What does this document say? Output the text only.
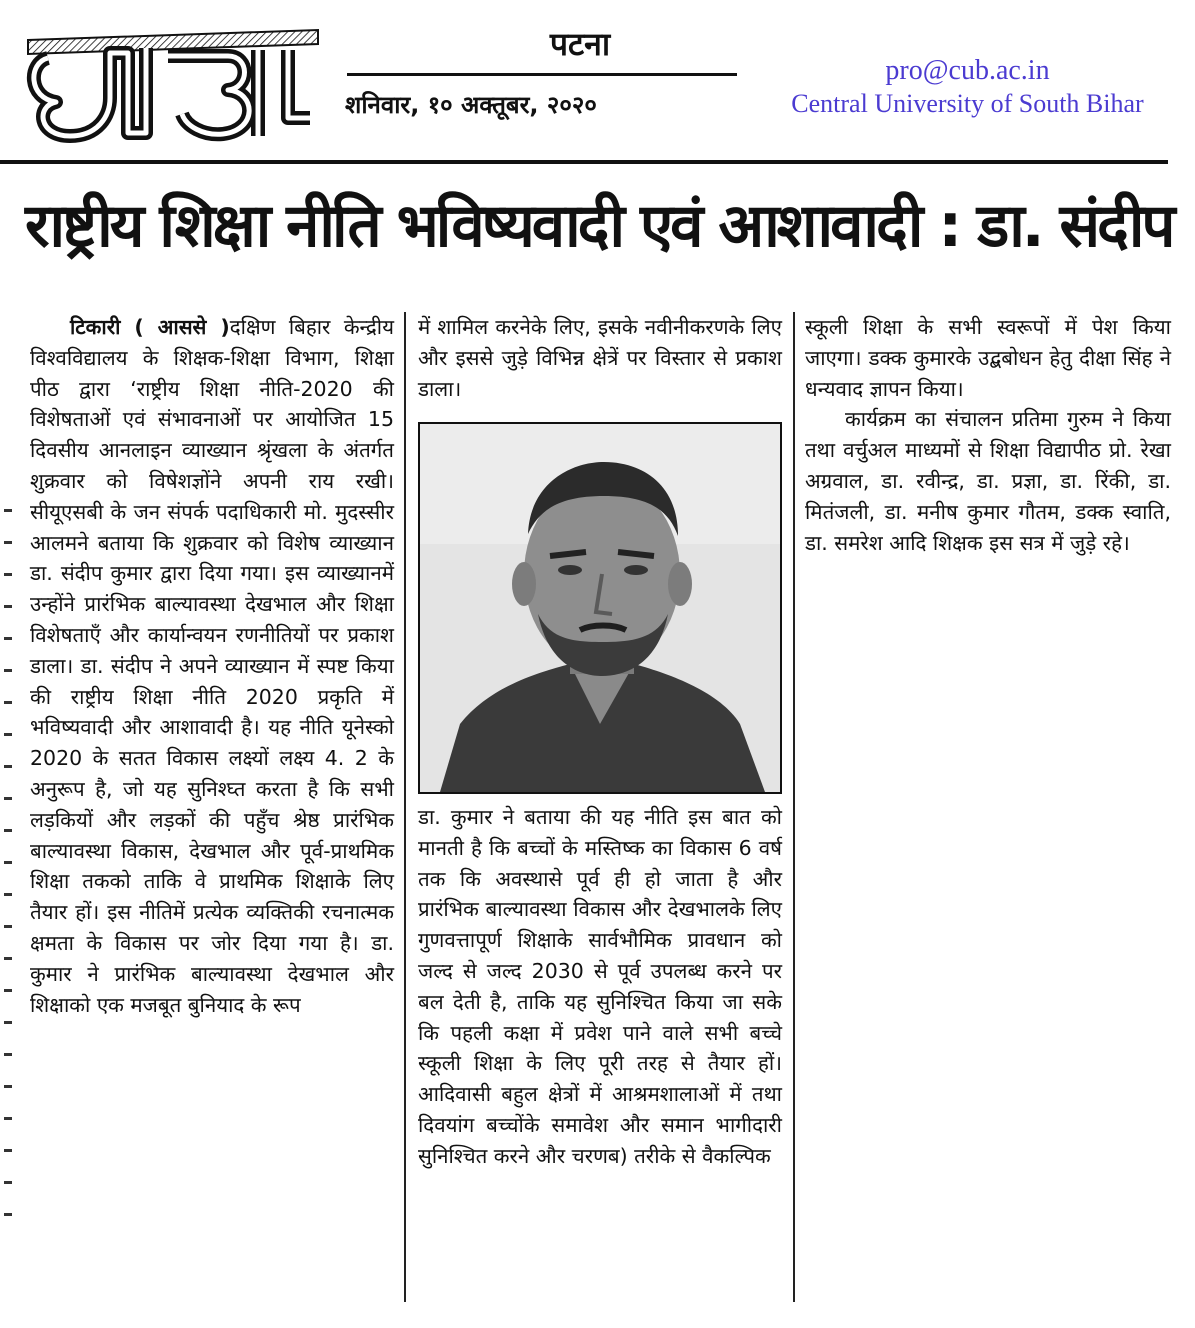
पटना
शनिवार, १० अक्तूबर, २०२०
pro@cub.ac.in
Central University of South Bihar
राष्ट्रीय शिक्षा नीति भविष्यवादी एवं आशावादी : डा. संदीप

टिकारी ( आससे )दक्षिण बिहार केन्द्रीय विश्वविद्यालय के शिक्षक-शिक्षा विभाग, शिक्षा पीठ द्वारा ‘राष्ट्रीय शिक्षा नीति-2020 की विशेषताओं एवं संभावनाओं पर आयोजित 15 दिवसीय आनलाइन व्याख्यान श्रृंखला के अंतर्गत शुक्रवार को विषेशज्ञोंने अपनी राय रखी। सीयूएसबी के जन संपर्क पदाधिकारी मो. मुदस्सीर आलमने बताया कि शुक्रवार को विशेष व्याख्यान डा. संदीप कुमार द्वारा दिया गया। इस व्याख्यानमें उन्होंने प्रारंभिक बाल्यावस्था देखभाल और शिक्षा विशेषताएँ और कार्यान्वयन रणनीतियों पर प्रकाश डाला। डा. संदीप ने अपने व्याख्यान में स्पष्ट किया की राष्ट्रीय शिक्षा नीति 2020 प्रकृति में भविष्यवादी और आशावादी है। यह नीति यूनेस्को 2020 के सतत विकास लक्ष्यों लक्ष्य 4. 2 के अनुरूप है, जो यह सुनिश्घ्त करता है कि सभी लड़कियों और लड़कों की पहुँच श्रेष्ठ प्रारंभिक बाल्यावस्था विकास, देखभाल और पूर्व-प्राथमिक शिक्षा तकको ताकि वे प्राथमिक शिक्षाके लिए तैयार हों। इस नीतिमें प्रत्येक व्यक्तिकी रचनात्मक क्षमता के विकास पर जोर दिया गया है। डा. कुमार ने प्रारंभिक बाल्यावस्था देखभाल और शिक्षाको एक मजबूत बुनियाद के रूप

में शामिल करनेके लिए, इसके नवीनीकरणके लिए और इससे जुड़े विभिन्न क्षेत्रें पर विस्तार से प्रकाश डाला।

डा. कुमार ने बताया की यह नीति इस बात को मानती है कि बच्चों के मस्तिष्क का विकास 6 वर्ष तक कि अवस्थासे पूर्व ही हो जाता है और प्रारंभिक बाल्यावस्था विकास और देखभालके लिए गुणवत्तापूर्ण शिक्षाके सार्वभौमिक प्रावधान को जल्द से जल्द 2030 से पूर्व उपलब्ध करने पर बल देती है, ताकि यह सुनिश्चित किया जा सके कि पहली कक्षा में प्रवेश पाने वाले सभी बच्चे स्कूली शिक्षा के लिए पूरी तरह से तैयार हों। आदिवासी बहुल क्षेत्रों में आश्रमशालाओं में तथा दिवयांग बच्चोंके समावेश और समान भागीदारी सुनिश्चित करने और चरणब) तरीके से वैकल्पिक

स्कूली शिक्षा के सभी स्वरूपों में पेश किया जाएगा। डक्क कुमारके उद्बबोधन हेतु दीक्षा सिंह ने धन्यवाद ज्ञापन किया।

कार्यक्रम का संचालन प्रतिमा गुरुम ने किया तथा वर्चुअल माध्यमों से शिक्षा विद्यापीठ प्रो. रेखा अग्रवाल, डा. रवीन्द्र, डा. प्रज्ञा, डा. रिंकी, डा. मितंजली, डा. मनीष कुमार गौतम, डक्क स्वाति, डा. समरेश आदि शिक्षक इस सत्र में जुड़े रहे।
